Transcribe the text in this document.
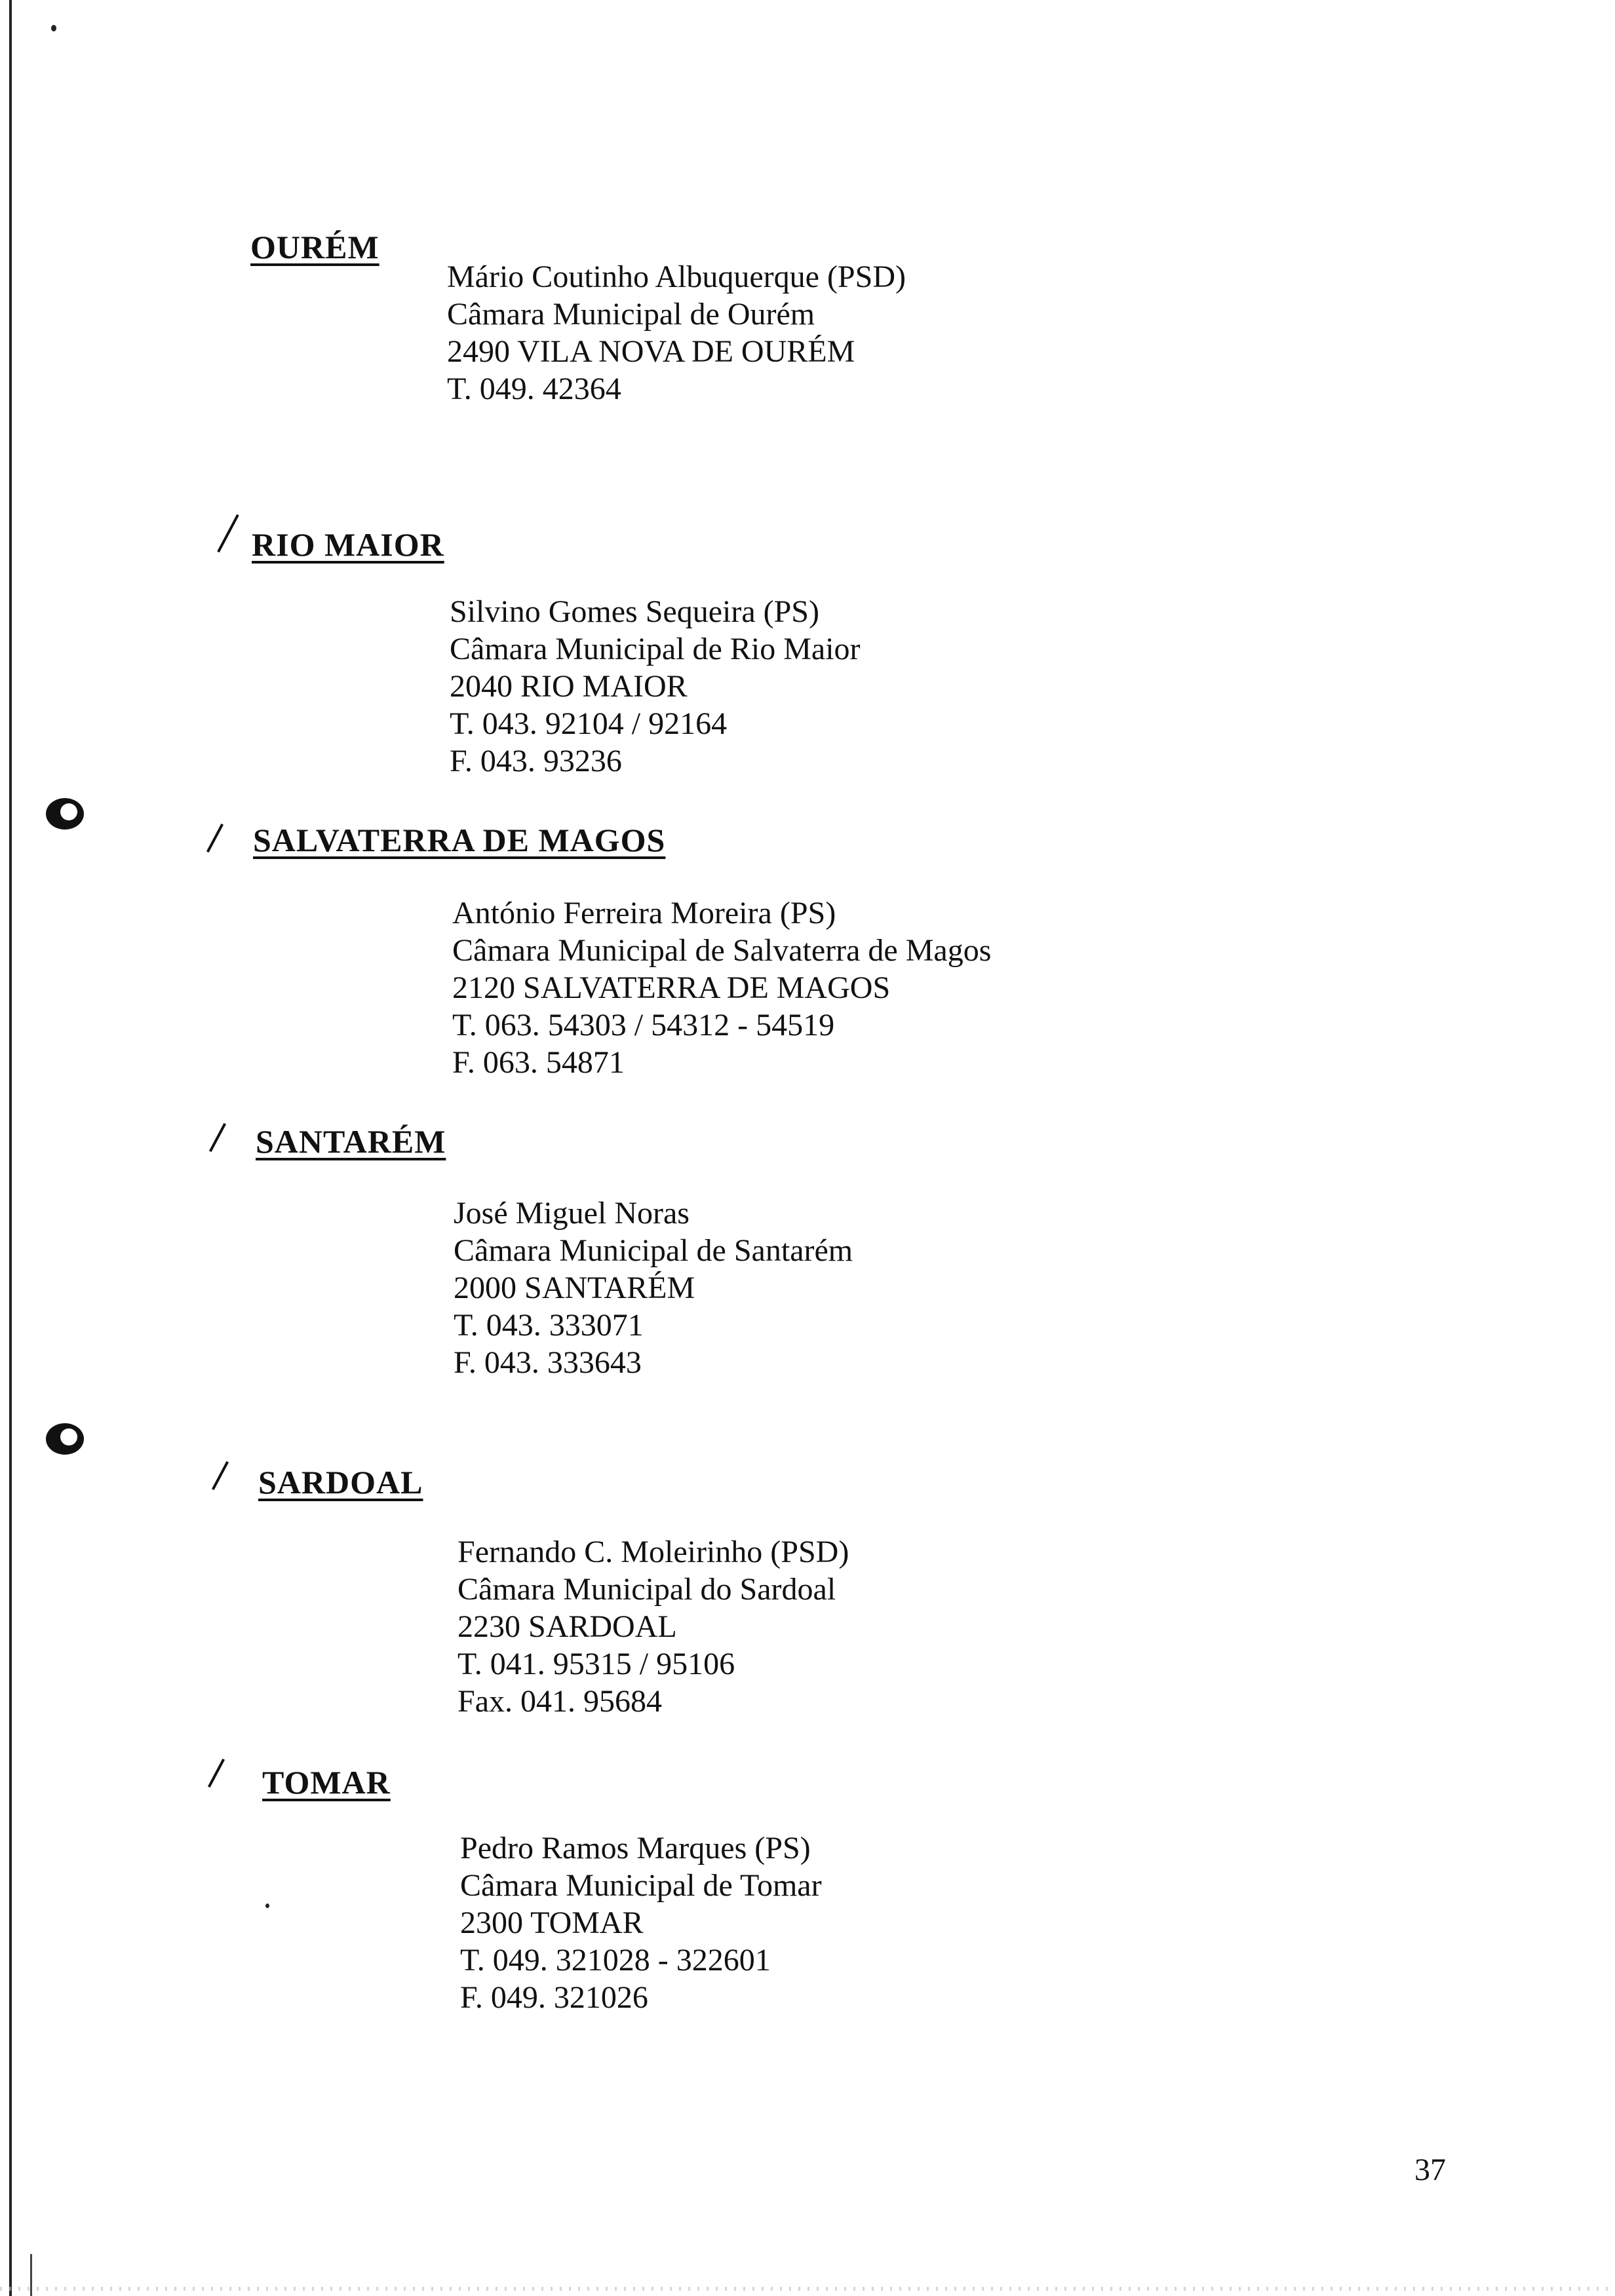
OURÉM
Mário Coutinho Albuquerque (PSD)
Câmara Municipal de Ourém
2490 VILA NOVA DE OURÉM
T. 049. 42364
RIO MAIOR
Silvino Gomes Sequeira (PS)
Câmara Municipal de Rio Maior
2040 RIO MAIOR
T. 043. 92104 / 92164
F. 043. 93236
SALVATERRA DE MAGOS
António Ferreira Moreira (PS)
Câmara Municipal de Salvaterra de Magos
2120 SALVATERRA DE MAGOS
T. 063. 54303 / 54312 - 54519
F. 063. 54871
SANTARÉM
José Miguel Noras
Câmara Municipal de Santarém
2000 SANTARÉM
T. 043. 333071
F. 043. 333643
SARDOAL
Fernando C. Moleirinho (PSD)
Câmara Municipal do Sardoal
2230 SARDOAL
T. 041. 95315 / 95106
Fax. 041. 95684
TOMAR
Pedro Ramos Marques (PS)
Câmara Municipal de Tomar
2300 TOMAR
T. 049. 321028 - 322601
F. 049. 321026
37
